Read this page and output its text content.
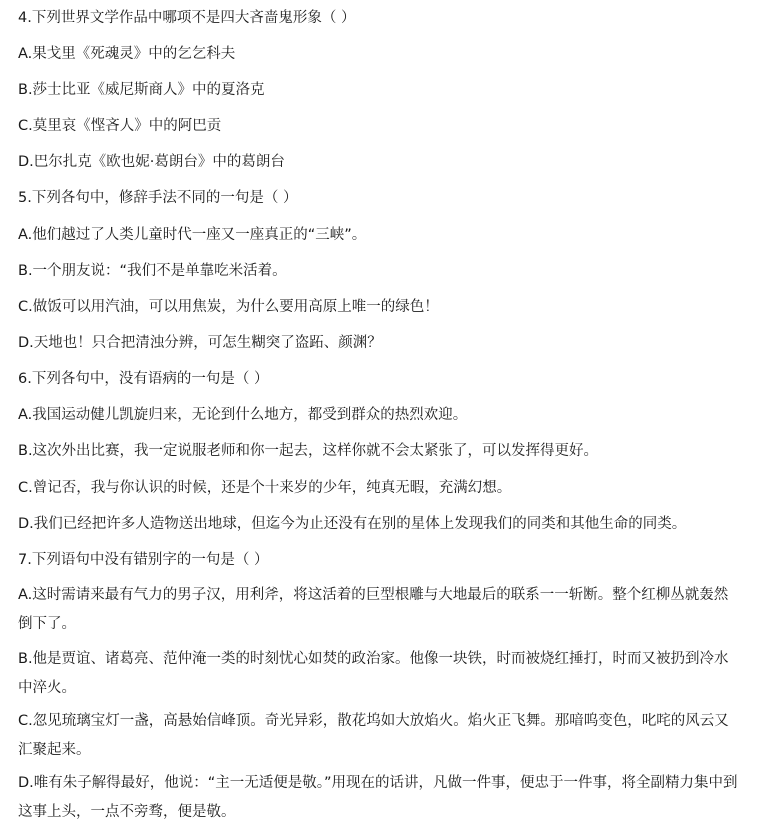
4.下列世界文学作品中哪项不是四大吝啬鬼形象（ ）
A.果戈里《死魂灵》中的乞乞科夫
B.莎士比亚《威尼斯商人》中的夏洛克
C.莫里哀《悭吝人》中的阿巴贡
D.巴尔扎克《欧也妮·葛朗台》中的葛朗台
5.下列各句中，修辞手法不同的一句是（ ）
A.他们越过了人类儿童时代一座又一座真正的“三峡”。
B.一个朋友说：“我们不是单靠吃米活着。
C.做饭可以用汽油，可以用焦炭，为什么要用高原上唯一的绿色！
D.天地也！只合把清浊分辨，可怎生糊突了盗跖、颜渊？
6.下列各句中，没有语病的一句是（ ）
A.我国运动健儿凯旋归来，无论到什么地方，都受到群众的热烈欢迎。
B.这次外出比赛，我一定说服老师和你一起去，这样你就不会太紧张了，可以发挥得更好。
C.曾记否，我与你认识的时候，还是个十来岁的少年，纯真无暇，充满幻想。
D.我们已经把许多人造物送出地球，但迄今为止还没有在别的星体上发现我们的同类和其他生命的同类。
7.下列语句中没有错别字的一句是（ ）
A.这时需请来最有气力的男子汉，用利斧，将这活着的巨型根雕与大地最后的联系一一斩断。整个红柳丛就轰然倒下了。
B.他是贾谊、诸葛亮、范仲淹一类的时刻忧心如焚的政治家。他像一块铁，时而被烧红捶打，时而又被扔到冷水中淬火。
C.忽见琉璃宝灯一盏，高悬始信峰顶。奇光异彩，散花坞如大放焰火。焰火正飞舞。那喑呜变色，叱咤的风云又汇聚起来。
D.唯有朱子解得最好，他说：“主一无适便是敬。”用现在的话讲，凡做一件事，便忠于一件事，将全副精力集中到这事上头，一点不旁骛，便是敬。
